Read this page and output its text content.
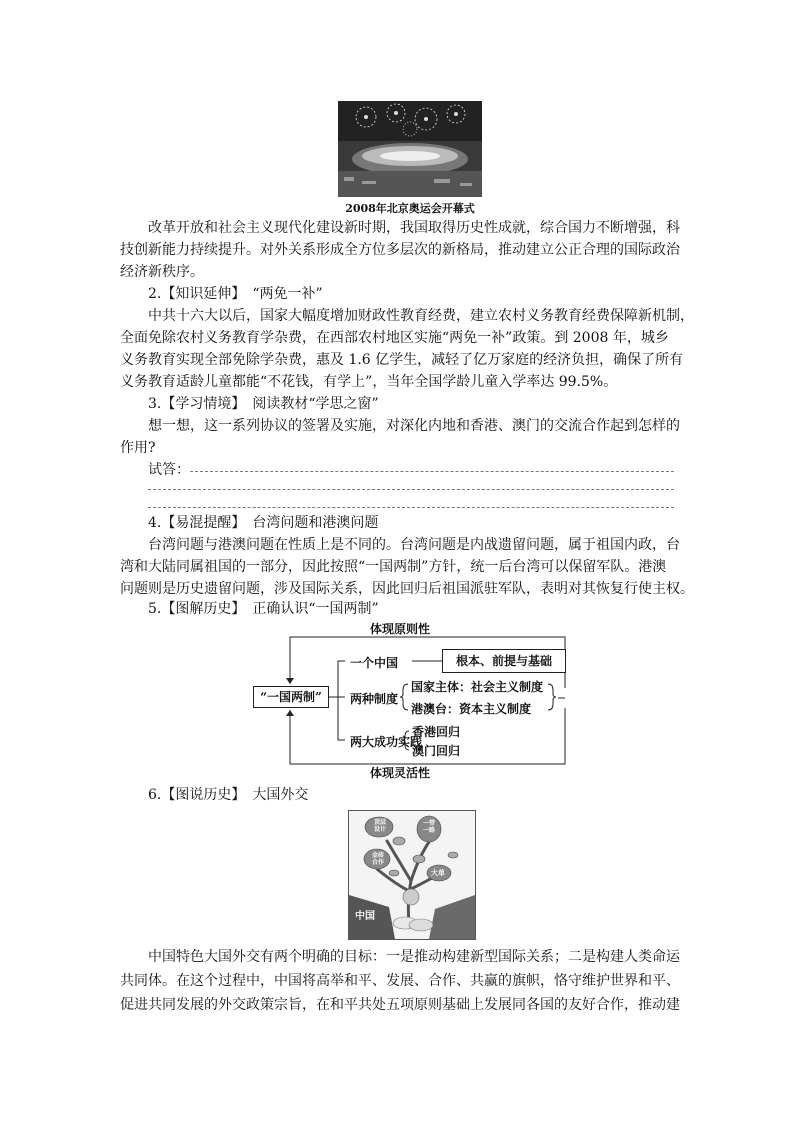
2008年北京奥运会开幕式
改革开放和社会主义现代化建设新时期，我国取得历史性成就，综合国力不断增强，科
技创新能力持续提升。对外关系形成全方位多层次的新格局，推动建立公正合理的国际政治
经济新秩序。
2.【知识延伸】　“两免一补”
中共十六大以后，国家大幅度增加财政性教育经费，建立农村义务教育经费保障新机制，
全面免除农村义务教育学杂费，在西部农村地区实施“两免一补”政策。到 2008 年，城乡
义务教育实现全部免除学杂费，惠及 1.6 亿学生，减轻了亿万家庭的经济负担，确保了所有
义务教育适龄儿童都能“不花钱，有学上”，当年全国学龄儿童入学率达 99.5%。
3.【学习情境】　阅读教材“学思之窗”
想一想，这一系列协议的签署及实施，对深化内地和香港、澳门的交流合作起到怎样的
作用?
试答：
4.【易混提醒】　台湾问题和港澳问题
台湾问题与港澳问题在性质上是不同的。台湾问题是内战遗留问题，属于祖国内政，台
湾和大陆同属祖国的一部分，因此按照“一国两制”方针，统一后台湾可以保留军队。港澳
问题则是历史遗留问题，涉及国际关系，因此回归后祖国派驻军队，表明对其恢复行使主权。
5.【图解历史】　正确认识“一国两制”
体现原则性
“一国两制”
一个中国	根本、前提与基础
两种制度
国家主体：社会主义制度
港澳台：资本主义制度
两大成功实践
香港回归
澳门回归
体现灵活性
6.【图说历史】　大国外交
顶层设计
一带一路
金砖合作
大单
中国
中国特色大国外交有两个明确的目标：一是推动构建新型国际关系；二是构建人类命运
共同体。在这个过程中，中国将高举和平、发展、合作、共赢的旗帜，恪守维护世界和平、
促进共同发展的外交政策宗旨，在和平共处五项原则基础上发展同各国的友好合作，推动建
